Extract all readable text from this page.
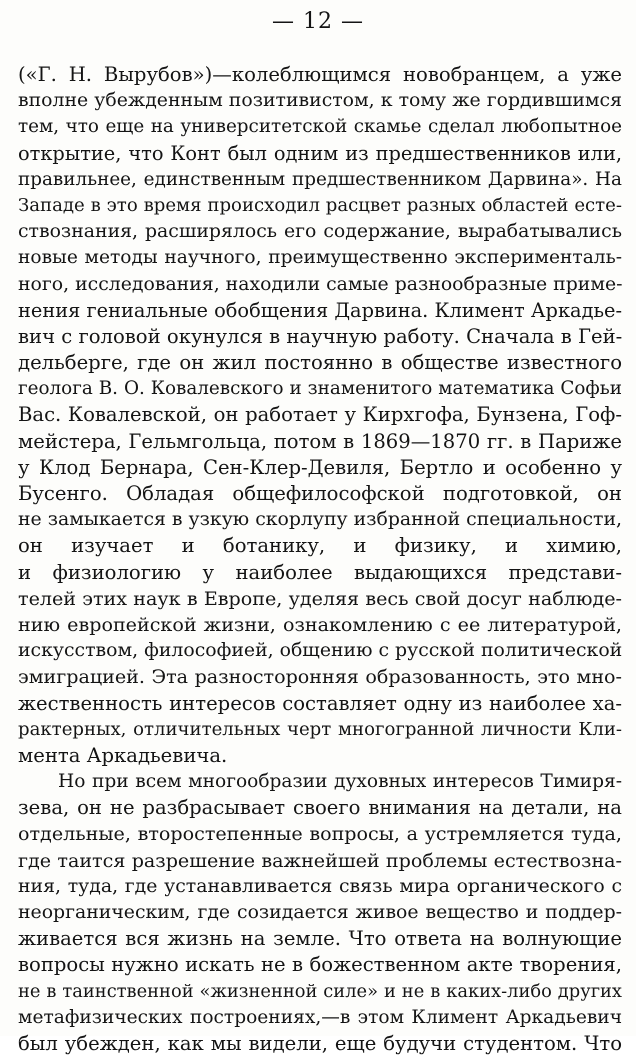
— 12 —
(«Г. Н. Вырубов»)—колеблющимся новобранцем, а уже
вполне убежденным позитивистом, к тому же гордившимся
тем, что еще на университетской скамье сделал любопытное
открытие, что Конт был одним из предшественников или,
правильнее, единственным предшественником Дарвина». На
Западе в это время происходил расцвет разных областей есте-
ствознания, расширялось его содержание, вырабатывались
новые методы научного, преимущественно эксперименталь-
ного, исследования, находили самые разнообразные приме-
нения гениальные обобщения Дарвина. Климент Аркадье-
вич с головой окунулся в научную работу. Сначала в Гей-
дельберге, где он жил постоянно в обществе известного
геолога В. О. Ковалевского и знаменитого математика Софьи
Вас. Ковалевской, он работает у Кирхгофа, Бунзена, Гоф-
мейстера, Гельмгольца, потом в 1869—1870 гг. в Париже
у Клод Бернара, Сен-Клер-Девиля, Бертло и особенно у
Бусенго. Обладая общефилософской подготовкой, он
не замыкается в узкую скорлупу избранной специальности,
он изучает и ботанику, и физику, и химию,
и физиологию у наиболее выдающихся представи-
телей этих наук в Европе, уделяя весь свой досуг наблюде-
нию европейской жизни, ознакомлению с ее литературой,
искусством, философией, общению с русской политической
эмиграцией. Эта разносторонняя образованность, это мно-
жественность интересов составляет одну из наиболее ха-
рактерных, отличительных черт многогранной личности Кли-
мента Аркадьевича.
Но при всем многообразии духовных интересов Тимиря-
зева, он не разбрасывает своего внимания на детали, на
отдельные, второстепенные вопросы, а устремляется туда,
где таится разрешение важнейшей проблемы естествозна-
ния, туда, где устанавливается связь мира органического с
неорганическим, где созидается живое вещество и поддер-
живается вся жизнь на земле. Что ответа на волнующие
вопросы нужно искать не в божественном акте творения,
не в таинственной «жизненной силе» и не в каких-либо других
метафизических построениях,—в этом Климент Аркадьевич
был убежден, как мы видели, еще будучи студентом. Что
